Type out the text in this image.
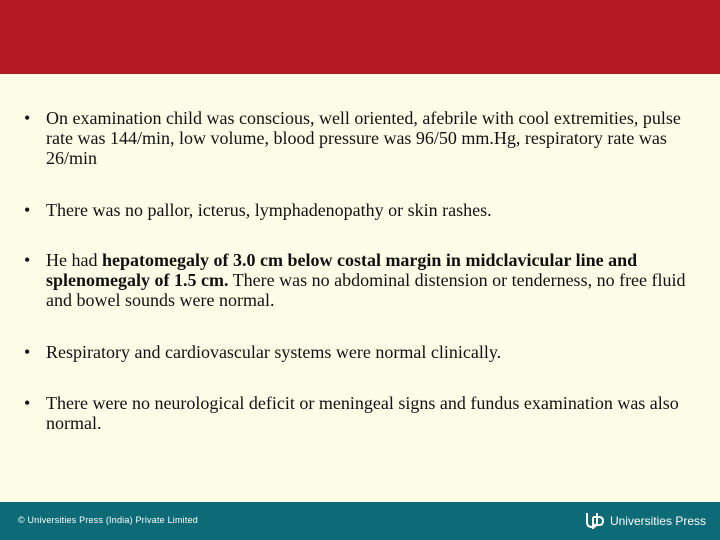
• On examination child was conscious, well oriented, afebrile with cool extremities, pulse rate was 144/min, low volume, blood pressure was 96/50 mm.Hg, respiratory rate was 26/min
• There was no pallor, icterus, lymphadenopathy or skin rashes.
• He had hepatomegaly of 3.0 cm below costal margin in midclavicular line and splenomegaly of 1.5 cm. There was no abdominal distension or tenderness, no free fluid and bowel sounds were normal.
• Respiratory and cardiovascular systems were normal clinically.
• There were no neurological deficit or meningeal signs and fundus examination was also normal.
© Universities Press (India) Private Limited	Universities Press
